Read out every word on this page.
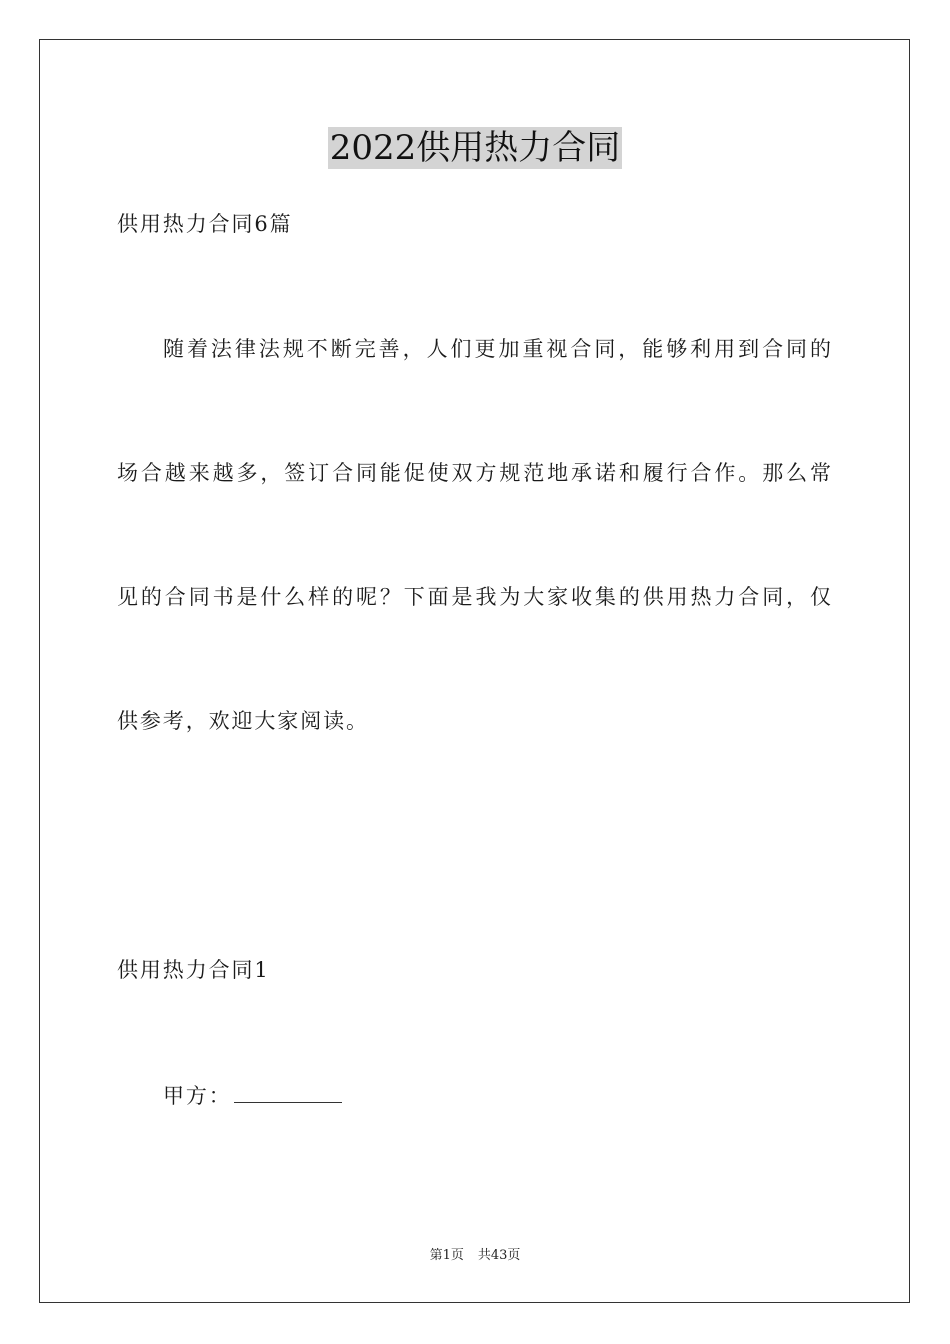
2022供用热力合同
供用热力合同6篇
随着法律法规不断完善，人们更加重视合同，能够利用到合同的
场合越来越多，签订合同能促使双方规范地承诺和履行合作。那么常
见的合同书是什么样的呢？下面是我为大家收集的供用热力合同，仅
供参考，欢迎大家阅读。
供用热力合同1
甲方：
第1页 共43页
